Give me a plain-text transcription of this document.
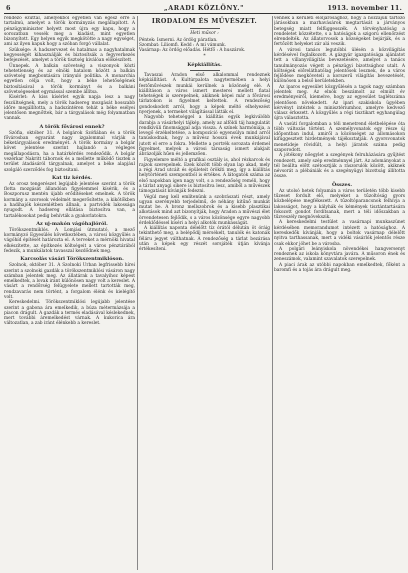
6	„ARADI KÖZLÖNY."	1913. november 11.

rendező ezúttal, amelyekből egyetlen van egész erre a tartalmú, amelyet a török kormányzás megállapított. A pénzügyminiszter helyett most újra egy kapu, hogy a sorozatban vessék meg a kiadást, mint egyetlen bizonyított. Egy helyen egyik megkötötte a nagy egységet, ami az ilyen kapuk hogy a szóban forgó vállalat.

Szüksége: A hadszervezet és hatalmas a nagyhatalmak kegyességét kihasználják és biztosítsák a fegyverkezés befejezését, amelyet a török tisztség kiválóan előkészített.

Ünnepek. A balkán szövetség a viszonyok közti tehetetlenség és az elnöki hatalom között a balkán szövetség megbontására irányuló politika. A monarchia egyetlen célja volt, hogy a béke lehetőségének biztosításával a török kormányt és a balkáni szövetségeseket egymással szembe állítsa.

Kisérlet: A kiss kísérlet egyik napja lesz a nagy feszültségnek, mely a török hadsereg mozgását hosszabb időre megállította, a hadszíntéren tehát a béke esélyei jelentősen megnőttek, bár a tárgyalások még folyamatban vannak.

A török fővárosi ennek?

Szófia, október 31. A bolgárok Szófiában és a török fővárosban egyaránt nagy izgalommal várják a béketárgyalások eredményét. A török kormány a bolgár követ jelentése szerint hajlandó a végleges megállapodásra, ha a határkérdés rendeződik. A bolgár vezérkar Nakritt tábornok és a mellette működő tisztek a terület átadásáról tárgyalnak, amelyet a béke alapjául szolgáló szerződés fog biztosítani.

Kat tiz kérdés.

Az orosz tengerészet legújabb jelentése szerint a török flotta mozgását állandóan figyelemmel kísérik, és a Boszporusz mentén újabb erődítéseket emelnek. A török kormány a szorosok védelmét megerősítette, a kikötőkben a hadihajók készenlétben állnak, a partvidék lakossága nyugodt. A hadsereg ellátása biztosítva van, a tartalékosokat pedig behívták a gyakorlatokra.

Az uj-makón vágóhajlóról.

Törökszentmiklós. A Lomjási útmutató, a mező kormányzó Egyesülés következtében, a városi közgyűlés a vágóhíd építését határozta el. A terveket a mérnöki hivatal elkészítette, az építkezés költségeit a város pénztárából fedezik, a munkálatok tavasszal kezdődnek meg.

Karcsolás vásári Törökszentmiklóson.

Szolnok, október 31. A Szolnoki Urban legfrissebb hírei szerint a szolnoki gazdák a törökszentmiklósi vásáron nagy számban jelentek meg. Az állatárak a tavalyihoz képest emelkedtek, a lovak iránt különösen nagy volt a kereslet. A vásárt a rendőrség felügyelete mellett tartották meg, rendzavarás nem történt, a forgalom élénk és kielégítő volt.

Kereskedelmi. Törökszentmiklósi legújabb jelentése szerint a gabona ára emelkedik, a búza métermázsája a piacon drágult. A gazdák a termés eladásával késlekednek, mert további áremelkedést várnak. A kukorica ára változatlan, a zab iránt élénkebb a kereslet.

IRODALOM ÉS MŰVÉSZET.
Heti műsor :

Péntek: Ismerni. Az ördög páratlan.

Szombat: Liliomfi. Kedd : A mi vámunk.

Vasárnap: Az ördög előadás. Hétfő : A huszárok.

*
Képkiállítás.

Tavaszai Aradon első alkalommal rendeznek képkiállítást. A Kultúrpalota nagytermében a helyi festőművészek munkái kerülnek a közönség elé. A kiállításon a város ismert mesterei mellett fiatal tehetségek is szerepelnek, akiknek képei már a fővárosi tárlatokon is figyelmet keltettek. A rendezőség gondoskodott arról, hogy a képek méltó elhelyezést nyerjenek, a termeket világítással látták el.

Nagyobb tehetséggel a kiállítás egyik legkiválóbb darabja a vásárhelyi tájkép, amely az alföldi táj hangulatát rendkívüli finomsággal adja vissza. A színek harmóniája, a levegő érzékeltetése, a kompozíció egyensúlya mind arról tanúskodnak, hogy a művész hosszú évek munkájával jutott el erre a fokra. Mellette a portrék sorozata érdemel figyelmet, melyek a városi társaság ismert alakjait ábrázolják hűen és jellemzően.

Figyelemre méltó a grafikai osztály is, ahol rézkarcok és rajzok szerepelnek. Ezek között több olyan lap akad, mely a régi Arad utcáit és épületeit örökíti meg, így a kiállítás helytörténeti szempontból is értékes. A látogatók száma az első napokban igen nagy volt, s a rendezőség reméli, hogy a tárlat anyagi sikere is biztosítva lesz, amiből a művészek támogatását kívánják fedezni.

Végül meg kell említenünk a szobrászati részt, amely ugyan szerényebb terjedelmű, de néhány kitűnő munkát mutat be. A bronz mellszobrok és a kisebb plasztikai alkotások mind azt bizonyítják, hogy Aradon a művészi élet örvendetesen fejlődik, s a város közönsége egyre nagyobb érdeklődéssel kíséri a helyi alkotók munkásságát.

A kiállítás naponta délelőtt tíz órától délután öt óráig tekinthető meg, a belépődíj mérsékelt, tanulók és katonák féláru jegyet válthatnak. A rendezőség a tárlat bezárása után a képek egy részét sorsjáték útján kívánja értékesíteni.

vénnek a kerületi elöljárósághoz, hogy a hozzájuk tartozó járásokban a marhavásárok megtartását a járványos betegség miatt felfüggesszék. A törvényhatóság a rendeletet közzétette, s a hatóságok a szigorú ellenőrzést elrendelték. Az állatorvosok a községeket bejárják, és a fertőzött helyeket zár alá veszik.

A városi tanács legutóbbi ülésén a közvilágítás kérdésével foglalkozott. A gázgyár igazgatósága ajánlatot tett a villanyvilágítás bevezetésére, amelyet a tanács tanulmányozás végett a pénzügyi bizottsághoz utalt. A költségek előreláthatólag jelentősek lesznek, de a város fejlődése megköveteli a korszerű világítás bevezetését, különösen a belső kerületekben.

Az iparos egyesület közgyűlésén a tagok nagy számban jelentek meg. Az elnök beszámolt az elmúlt év eredményeiről, kiemelve, hogy az egyesület taglétszáma jelentősen növekedett. Az ipari szakiskola ügyében kérvényt intéztek a minisztériumhoz, amelyre kedvező válasz érkezett. A közgyűlés a régi tisztikart egyhangúlag újra választotta.

A vasúti forgalomban a téli menetrend életbelépése óta több változás történt. A személyvonatok egy része új időpontban indul, amiről a közönséget az állomásokon kifüggesztett hirdetmények tájékoztatják. A gyorsvonatok menetideje rövidült, a helyi járatok száma pedig szaporodott.

A jótékony nőegylet a szegények felruházására gyűjtést rendezett, amely szép eredménnyel járt. Az adományokat a tél beállta előtt szétosztják a rászorulók között, akiknek névsorát a plébániák és a szegényügyi bizottság állította össze.

Összes.

Az utolsó hetek folyamán a város területén több kisebb tűzeset fordult elő, melyeket a tűzoltóság gyors közbelépése megfékezett. A tűzoltóparancsnok felhívja a lakosságot, hogy a kályhák és kémények tisztántartására fokozott gondot fordítsanak, mert a téli időszakban a tűzveszély megnövekszik.

A kereskedelmi testület a vasárnapi munkaszünet kérdésében memorandumot intézett a hatósághoz. A kereskedők kívánják, hogy a boltok vasárnap délelőtt nyitva tarthassanak, mert a vidéki vásárlók jelentős része csak ekkor jöhet be a városba.

A polgári leányiskola növendékei hangversenyt rendeznek az iskola könyvtára javára. A műsoron ének és zeneszámok, valamint szavalatok szerepelnek.

A piaci árak az utóbbi napokban emelkedtek, főként a baromfi és a tojás ára drágult meg.
